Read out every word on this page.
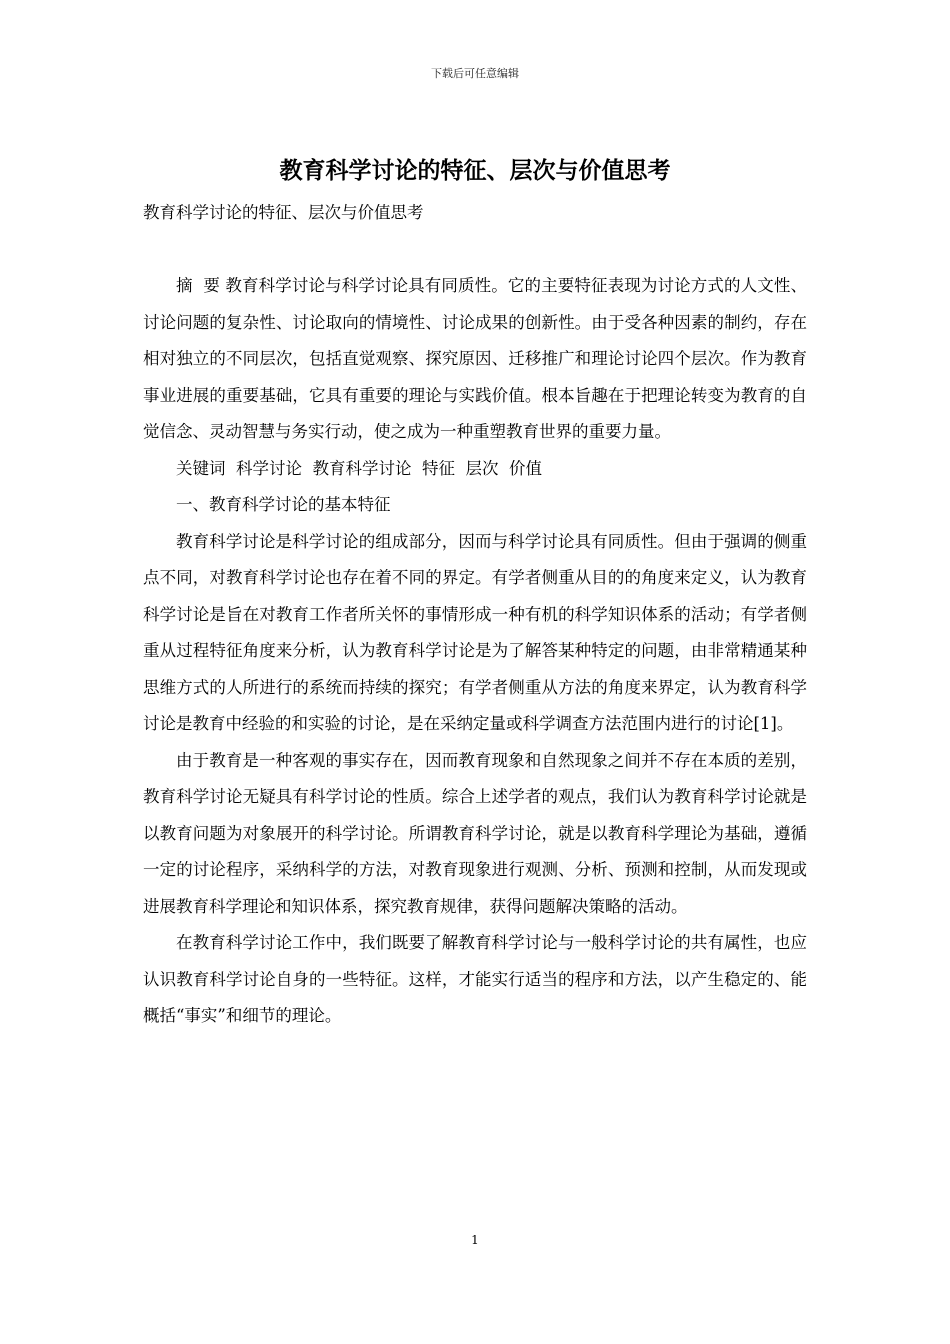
下载后可任意编辑
教育科学讨论的特征、层次与价值思考

教育科学讨论的特征、层次与价值思考

摘  要 教育科学讨论与科学讨论具有同质性。它的主要特征表现为讨论方式的人文性、讨论问题的复杂性、讨论取向的情境性、讨论成果的创新性。由于受各种因素的制约，存在相对独立的不同层次，包括直觉观察、探究原因、迁移推广和理论讨论四个层次。作为教育事业进展的重要基础，它具有重要的理论与实践价值。根本旨趣在于把理论转变为教育的自觉信念、灵动智慧与务实行动，使之成为一种重塑教育世界的重要力量。

关键词  科学讨论  教育科学讨论  特征  层次  价值

一、教育科学讨论的基本特征

教育科学讨论是科学讨论的组成部分，因而与科学讨论具有同质性。但由于强调的侧重点不同，对教育科学讨论也存在着不同的界定。有学者侧重从目的的角度来定义，认为教育科学讨论是旨在对教育工作者所关怀的事情形成一种有机的科学知识体系的活动；有学者侧重从过程特征角度来分析，认为教育科学讨论是为了解答某种特定的问题，由非常精通某种思维方式的人所进行的系统而持续的探究；有学者侧重从方法的角度来界定，认为教育科学讨论是教育中经验的和实验的讨论，是在采纳定量或科学调查方法范围内进行的讨论[1]。

由于教育是一种客观的事实存在，因而教育现象和自然现象之间并不存在本质的差别，教育科学讨论无疑具有科学讨论的性质。综合上述学者的观点，我们认为教育科学讨论就是以教育问题为对象展开的科学讨论。所谓教育科学讨论，就是以教育科学理论为基础，遵循一定的讨论程序，采纳科学的方法，对教育现象进行观测、分析、预测和控制，从而发现或进展教育科学理论和知识体系，探究教育规律，获得问题解决策略的活动。

在教育科学讨论工作中，我们既要了解教育科学讨论与一般科学讨论的共有属性，也应认识教育科学讨论自身的一些特征。这样，才能实行适当的程序和方法，以产生稳定的、能概括“事实”和细节的理论。

1
